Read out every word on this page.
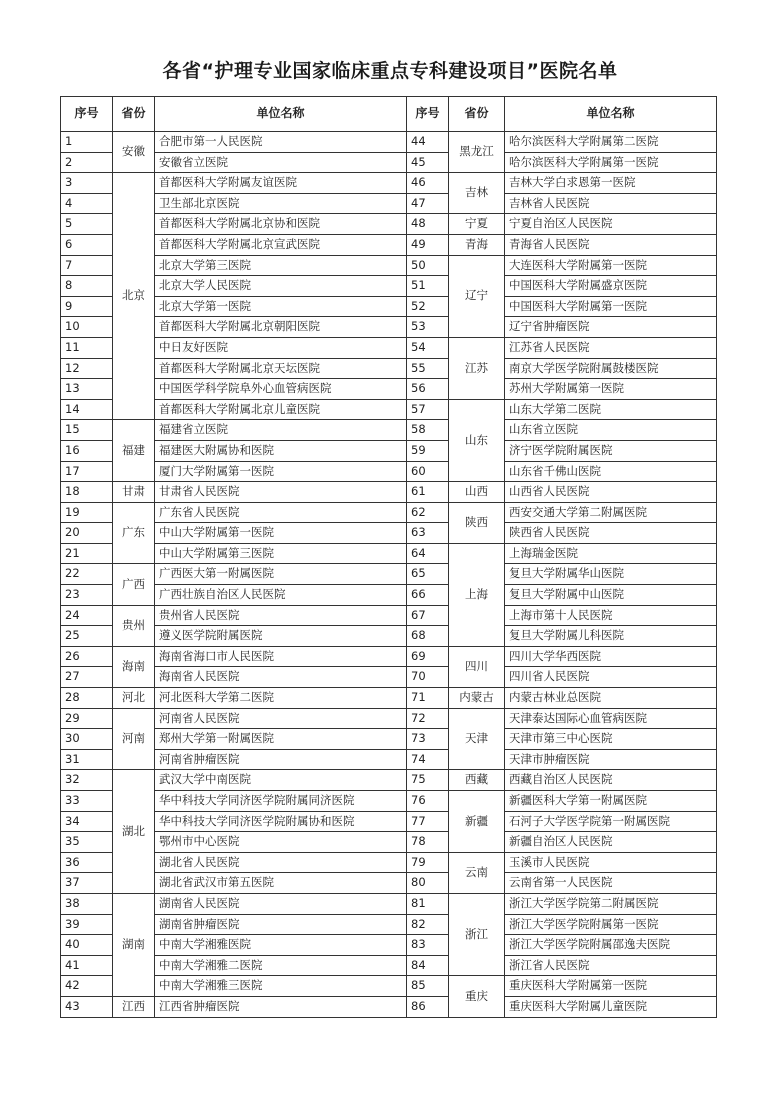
各省“护理专业国家临床重点专科建设项目”医院名单
序号	省份	单位名称	序号	省份	单位名称
1	安徽	合肥市第一人民医院	44	黑龙江	哈尔滨医科大学附属第二医院
2		安徽省立医院	45		哈尔滨医科大学附属第一医院
3	北京	首都医科大学附属友谊医院	46	吉林	吉林大学白求恩第一医院
4		卫生部北京医院	47		吉林省人民医院
5		首都医科大学附属北京协和医院	48	宁夏	宁夏自治区人民医院
6		首都医科大学附属北京宣武医院	49	青海	青海省人民医院
7		北京大学第三医院	50	辽宁	大连医科大学附属第一医院
8		北京大学人民医院	51		中国医科大学附属盛京医院
9		北京大学第一医院	52		中国医科大学附属第一医院
10		首都医科大学附属北京朝阳医院	53		辽宁省肿瘤医院
11		中日友好医院	54	江苏	江苏省人民医院
12		首都医科大学附属北京天坛医院	55		南京大学医学院附属鼓楼医院
13		中国医学科学院阜外心血管病医院	56		苏州大学附属第一医院
14		首都医科大学附属北京儿童医院	57	山东	山东大学第二医院
15	福建	福建省立医院	58		山东省立医院
16		福建医大附属协和医院	59		济宁医学院附属医院
17		厦门大学附属第一医院	60		山东省千佛山医院
18	甘肃	甘肃省人民医院	61	山西	山西省人民医院
19	广东	广东省人民医院	62	陕西	西安交通大学第二附属医院
20		中山大学附属第一医院	63		陕西省人民医院
21		中山大学附属第三医院	64	上海	上海瑞金医院
22	广西	广西医大第一附属医院	65		复旦大学附属华山医院
23		广西壮族自治区人民医院	66		复旦大学附属中山医院
24	贵州	贵州省人民医院	67		上海市第十人民医院
25		遵义医学院附属医院	68		复旦大学附属儿科医院
26	海南	海南省海口市人民医院	69	四川	四川大学华西医院
27		海南省人民医院	70		四川省人民医院
28	河北	河北医科大学第二医院	71	内蒙古	内蒙古林业总医院
29	河南	河南省人民医院	72	天津	天津泰达国际心血管病医院
30		郑州大学第一附属医院	73		天津市第三中心医院
31		河南省肿瘤医院	74		天津市肿瘤医院
32	湖北	武汉大学中南医院	75	西藏	西藏自治区人民医院
33		华中科技大学同济医学院附属同济医院	76	新疆	新疆医科大学第一附属医院
34		华中科技大学同济医学院附属协和医院	77		石河子大学医学院第一附属医院
35		鄂州市中心医院	78		新疆自治区人民医院
36		湖北省人民医院	79	云南	玉溪市人民医院
37		湖北省武汉市第五医院	80		云南省第一人民医院
38	湖南	湖南省人民医院	81	浙江	浙江大学医学院第二附属医院
39		湖南省肿瘤医院	82		浙江大学医学院附属第一医院
40		中南大学湘雅医院	83		浙江大学医学院附属邵逸夫医院
41		中南大学湘雅二医院	84		浙江省人民医院
42		中南大学湘雅三医院	85	重庆	重庆医科大学附属第一医院
43	江西	江西省肿瘤医院	86		重庆医科大学附属儿童医院
